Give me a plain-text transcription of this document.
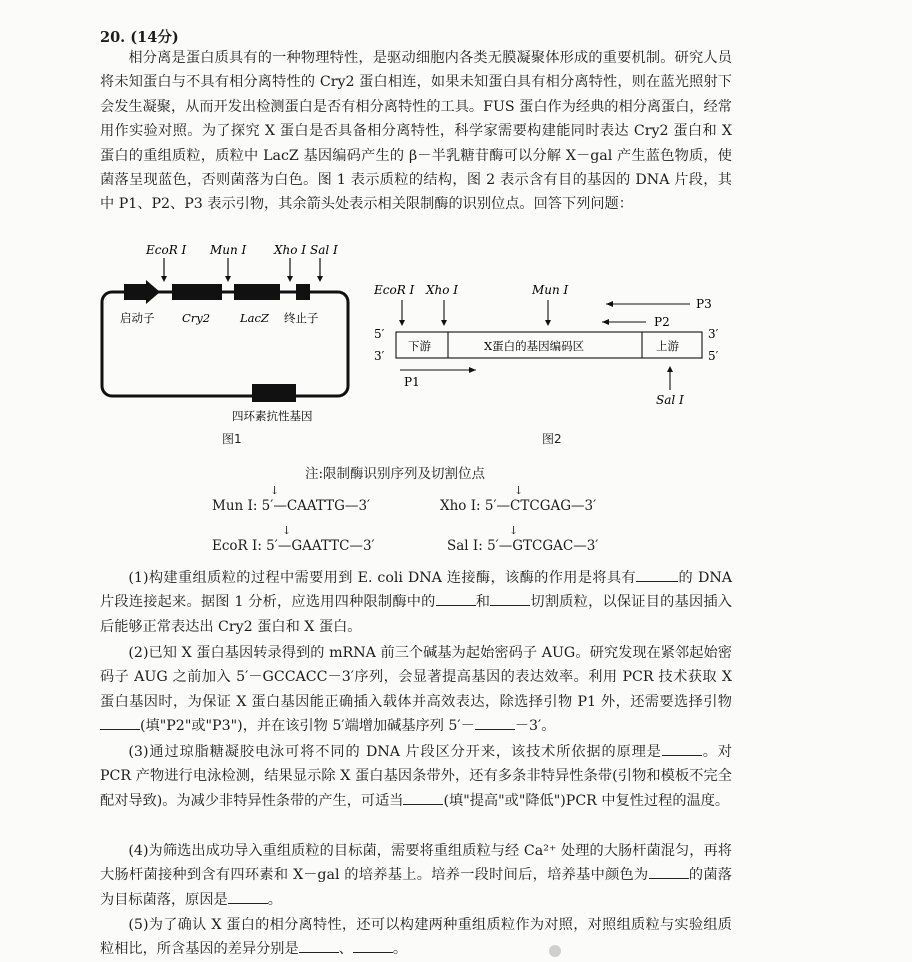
20. (14分)

相分离是蛋白质具有的一种物理特性，是驱动细胞内各类无膜凝聚体形成的重要机制。研究人员将未知蛋白与不具有相分离特性的 Cry2 蛋白相连，如果未知蛋白具有相分离特性，则在蓝光照射下会发生凝聚，从而开发出检测蛋白是否有相分离特性的工具。FUS 蛋白作为经典的相分离蛋白，经常用作实验对照。为了探究 X 蛋白是否具备相分离特性，科学家需要构建能同时表达 Cry2 蛋白和 X 蛋白的重组质粒，质粒中 LacZ 基因编码产生的 β－半乳糖苷酶可以分解 X－gal 产生蓝色物质，使菌落呈现蓝色，否则菌落为白色。图 1 表示质粒的结构，图 2 表示含有目的基因的 DNA 片段，其中 P1、P2、P3 表示引物，其余箭头处表示相关限制酶的识别位点。回答下列问题：

EcoR I Mun I Xho I Sal I
启动子 Cry2	LacZ 终止子
四环素抗性基因
图1
EcoR I Xho I	Mun I
P3
P2
5′	3′
3′	5′
下游	X蛋白的基因编码区	上游
P1
Sal I
图2
注:限制酶识别序列及切割位点
↓
Mun I: 5′—CAATTG—3′
↓
Xho I: 5′—CTCGAG—3′
↓
EcoR I: 5′—GAATTC—3′
↓
Sal I: 5′—GTCGAC—3′

(1)构建重组质粒的过程中需要用到 E. coli DNA 连接酶，该酶的作用是将具有	的 DNA 片段连接起来。据图 1 分析，应选用四种限制酶中的	和	切割质粒，以保证目的基因插入后能够正常表达出 Cry2 蛋白和 X 蛋白。

(2)已知 X 蛋白基因转录得到的 mRNA 前三个碱基为起始密码子 AUG。研究发现在紧邻起始密码子 AUG 之前加入 5′－GCCACC－3′序列，会显著提高基因的表达效率。利用 PCR 技术获取 X 蛋白基因时，为保证 X 蛋白基因能正确插入载体并高效表达，除选择引物 P1 外，还需要选择引物(填"P2"或"P3")，并在该引物 5′端增加碱基序列 5′－	－3′。

(3)通过琼脂糖凝胶电泳可将不同的 DNA 片段区分开来，该技术所依据的原理是	。对 PCR 产物进行电泳检测，结果显示除 X 蛋白基因条带外，还有多条非特异性条带(引物和模板不完全配对导致)。为减少非特异性条带的产生，可适当	(填"提高"或"降低")PCR 中复性过程的温度。

(4)为筛选出成功导入重组质粒的目标菌，需要将重组质粒与经 Ca²⁺ 处理的大肠杆菌混匀，再将大肠杆菌接种到含有四环素和 X－gal 的培养基上。培养一段时间后，培养基中颜色为	的菌落为目标菌落，原因是	。

(5)为了确认 X 蛋白的相分离特性，还可以构建两种重组质粒作为对照，对照组质粒与实验组质粒相比，所含基因的差异分别是	、	。
